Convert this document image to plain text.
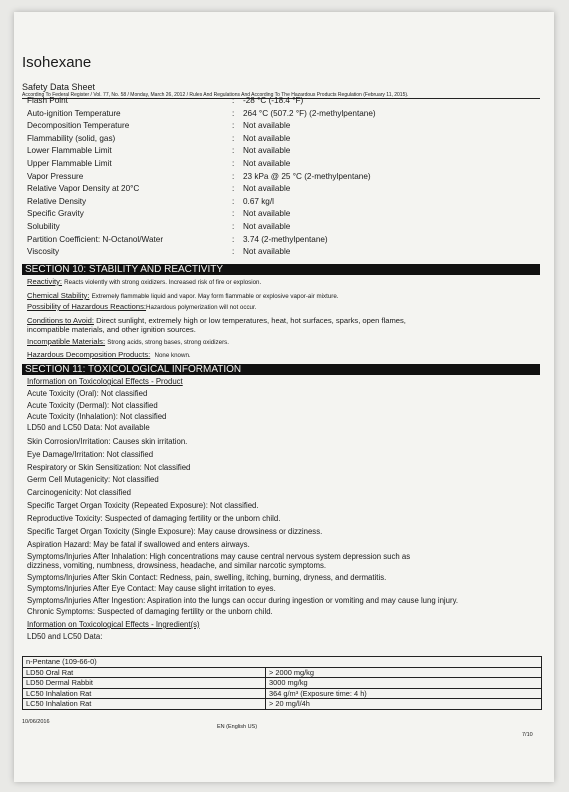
Isohexane
Safety Data Sheet
According To Federal Register / Vol. 77, No. 58 / Monday, March 26, 2012 / Rules And Regulations And According To The Hazardous Products Regulation (February 11, 2015).
Flash Point	: -28 °C (-18.4 °F)
Auto-ignition Temperature	: 264 °C (507.2 °F) (2-methylpentane)
Decomposition Temperature	: Not available
Flammability (solid, gas)	: Not available
Lower Flammable Limit	: Not available
Upper Flammable Limit	: Not available
Vapor Pressure	: 23 kPa @ 25 °C (2-methylpentane)
Relative Vapor Density at 20°C	: Not available
Relative Density	: 0.67 kg/l
Specific Gravity	: Not available
Solubility	: Not available
Partition Coefficient: N-Octanol/Water	: 3.74 (2-methylpentane)
Viscosity	: Not available
SECTION 10: STABILITY AND REACTIVITY
Reactivity: Reacts violently with strong oxidizers. Increased risk of fire or explosion.
Chemical Stability: Extremely flammable liquid and vapor. May form flammable or explosive vapor-air mixture.
Possibility of Hazardous Reactions:Hazardous polymerization will not occur.
Conditions to Avoid: Direct sunlight, extremely high or low temperatures, heat, hot surfaces, sparks, open flames,
incompatible materials, and other ignition sources.
Incompatible Materials: Strong acids, strong bases, strong oxidizers.
Hazardous Decomposition Products: None known.
SECTION 11: TOXICOLOGICAL INFORMATION
Information on Toxicological Effects - Product
Acute Toxicity (Oral): Not classified
Acute Toxicity (Dermal): Not classified
Acute Toxicity (Inhalation): Not classified
LD50 and LC50 Data: Not available
Skin Corrosion/Irritation: Causes skin irritation.
Eye Damage/Irritation: Not classified
Respiratory or Skin Sensitization: Not classified
Germ Cell Mutagenicity: Not classified
Carcinogenicity: Not classified
Specific Target Organ Toxicity (Repeated Exposure): Not classified.
Reproductive Toxicity: Suspected of damaging fertility or the unborn child.
Specific Target Organ Toxicity (Single Exposure): May cause drowsiness or dizziness.
Aspiration Hazard: May be fatal if swallowed and enters airways.
Symptoms/Injuries After Inhalation: High concentrations may cause central nervous system depression such as
dizziness, vomiting, numbness, drowsiness, headache, and similar narcotic symptoms.
Symptoms/Injuries After Skin Contact: Redness, pain, swelling, itching, burning, dryness, and dermatitis.
Symptoms/Injuries After Eye Contact: May cause slight irritation to eyes.
Symptoms/Injuries After Ingestion: Aspiration into the lungs can occur during ingestion or vomiting and may cause lung injury.
Chronic Symptoms: Suspected of damaging fertility or the unborn child.
Information on Toxicological Effects - Ingredient(s)
LD50 and LC50 Data:
n-Pentane (109-66-0)	
LD50 Oral Rat	> 2000 mg/kg
LD50 Dermal Rabbit	3000 mg/kg
LC50 Inhalation Rat	364 g/m³ (Exposure time: 4 h)
LC50 Inhalation Rat	> 20 mg/l/4h
10/06/2016
EN (English US)
7/10
